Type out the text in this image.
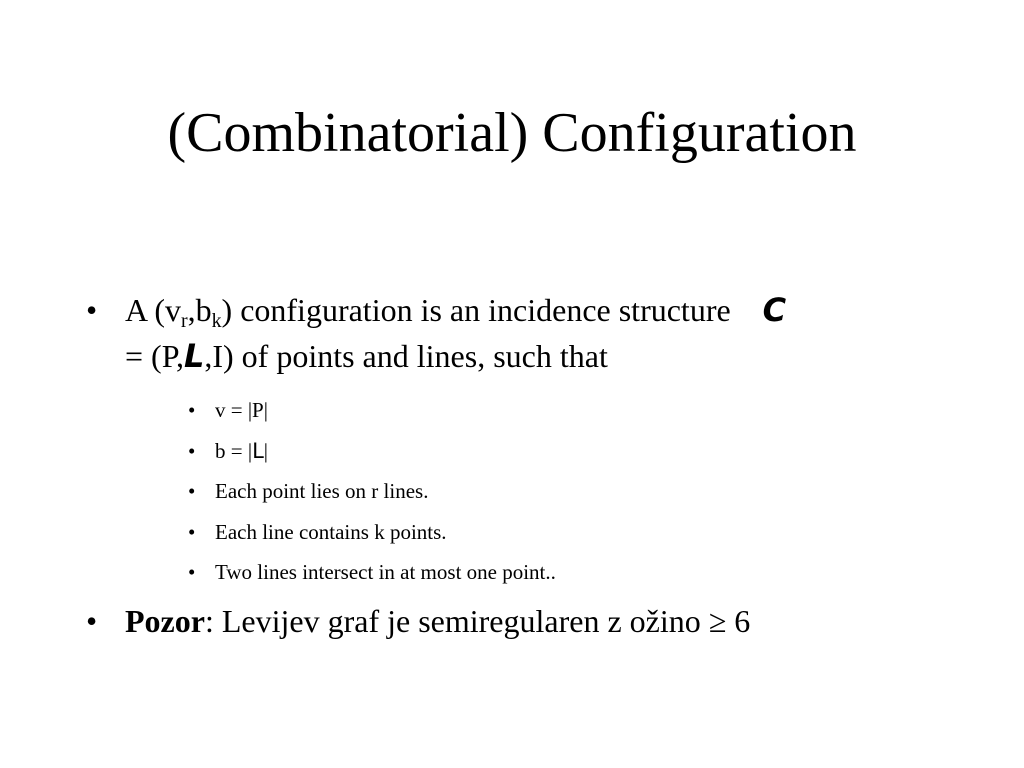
(Combinatorial) Configuration
• A $(v_r,b_k)$ configuration is an incidence structure C
= (P,L,I) of points and lines, such that
• v = |P|
• b = |L|
• Each point lies on r lines.
• Each line contains k points.
• Two lines intersect in at most one point..
• Pozor: Levijev graf je semiregularen z ožino ≥ 6
